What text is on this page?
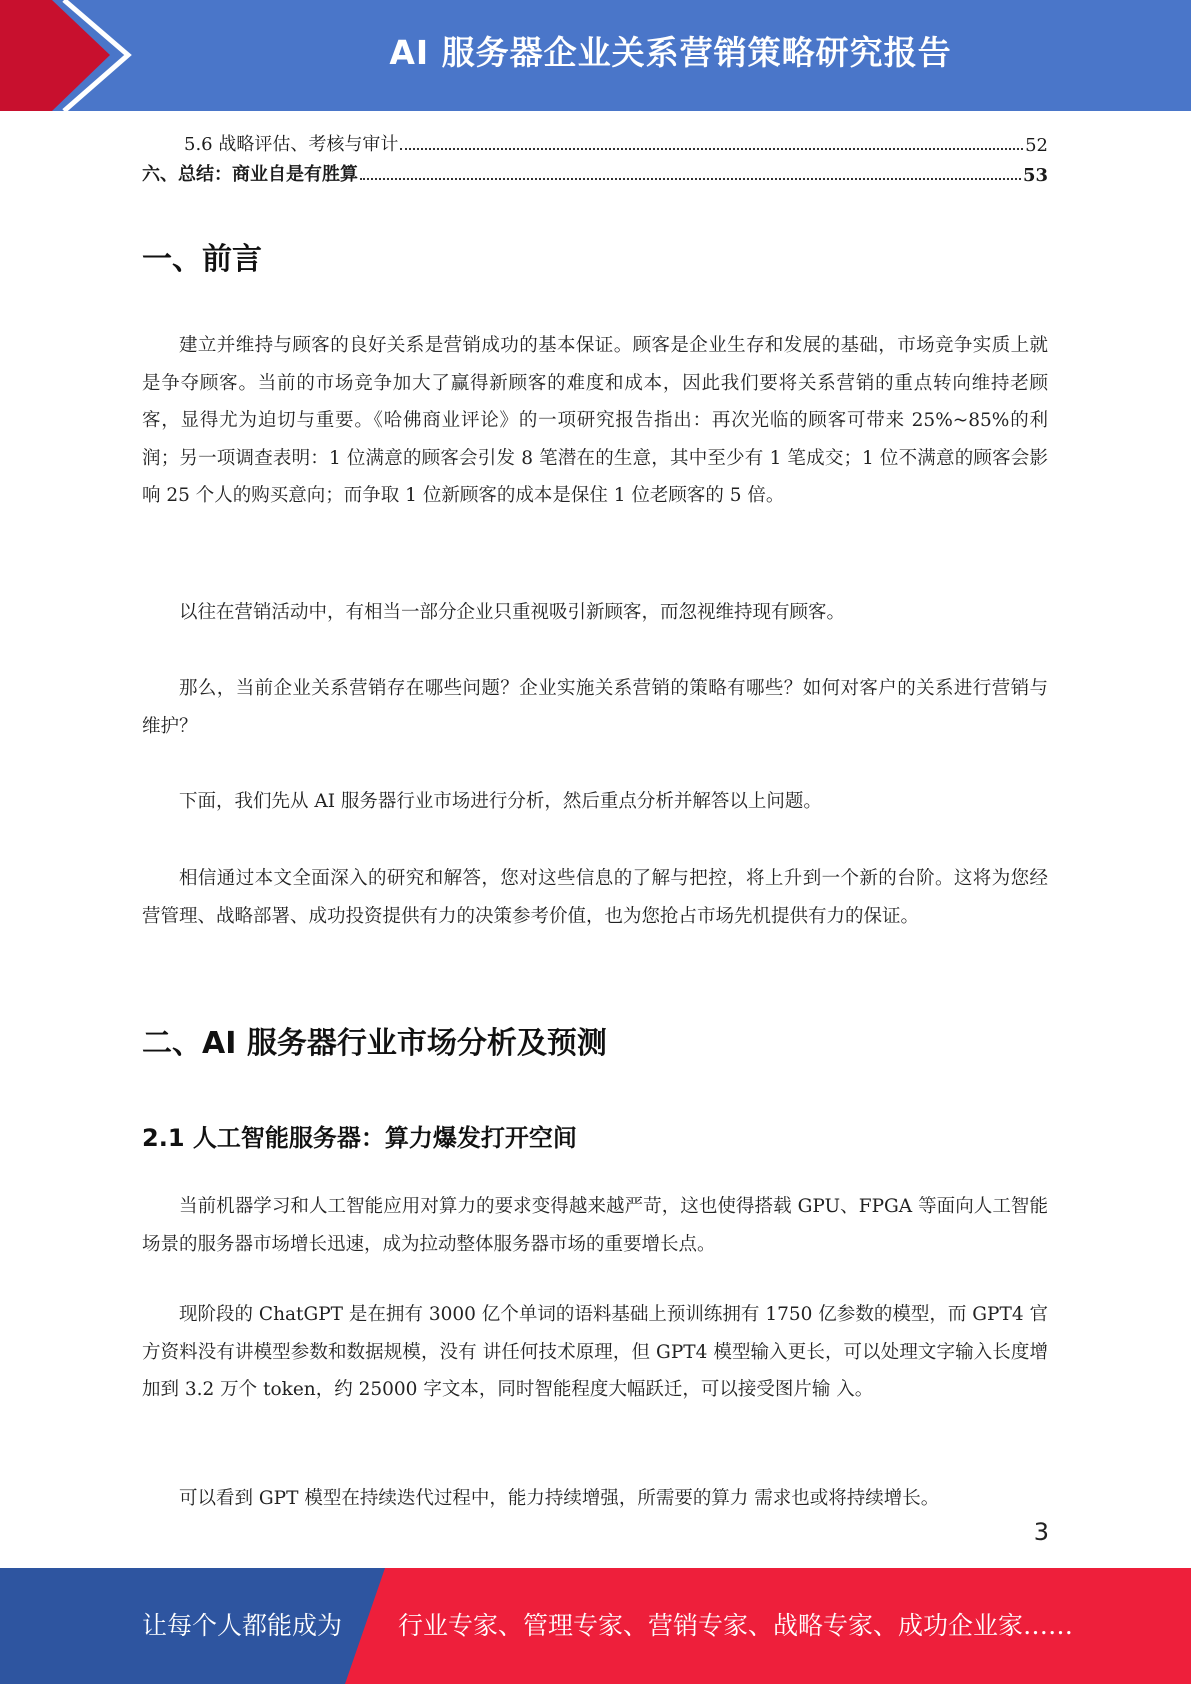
AI 服务器企业关系营销策略研究报告
5.6 战略评估、考核与审计	52
六、总结：商业自是有胜算	53
一、前言

建立并维持与顾客的良好关系是营销成功的基本保证。顾客是企业生存和发展的基础，市场竞争实质上就是争夺顾客。当前的市场竞争加大了赢得新顾客的难度和成本，因此我们要将关系营销的重点转向维持老顾客，显得尤为迫切与重要。《哈佛商业评论》的一项研究报告指出：再次光临的顾客可带来 25%~85%的利润；另一项调查表明：1 位满意的顾客会引发 8 笔潜在的生意，其中至少有 1 笔成交；1 位不满意的顾客会影响 25 个人的购买意向；而争取 1 位新顾客的成本是保住 1 位老顾客的 5 倍。

以往在营销活动中，有相当一部分企业只重视吸引新顾客，而忽视维持现有顾客。

那么，当前企业关系营销存在哪些问题？企业实施关系营销的策略有哪些？如何对客户的关系进行营销与维护？

下面，我们先从 AI 服务器行业市场进行分析，然后重点分析并解答以上问题。

相信通过本文全面深入的研究和解答，您对这些信息的了解与把控，将上升到一个新的台阶。这将为您经营管理、战略部署、成功投资提供有力的决策参考价值，也为您抢占市场先机提供有力的保证。

二、AI 服务器行业市场分析及预测
2.1 人工智能服务器：算力爆发打开空间

当前机器学习和人工智能应用对算力的要求变得越来越严苛，这也使得搭载 GPU、FPGA 等面向人工智能场景的服务器市场增长迅速，成为拉动整体服务器市场的重要增长点。

现阶段的 ChatGPT 是在拥有 3000 亿个单词的语料基础上预训练拥有 1750 亿参数的模型，而 GPT4 官方资料没有讲模型参数和数据规模，没有 讲任何技术原理，但 GPT4 模型输入更长，可以处理文字输入长度增加到 3.2 万个 token，约 25000 字文本，同时智能程度大幅跃迁，可以接受图片输 入。

可以看到 GPT 模型在持续迭代过程中，能力持续增强，所需要的算力 需求也或将持续增长。

3
让每个人都能成为 行业专家、管理专家、营销专家、战略专家、成功企业家……
